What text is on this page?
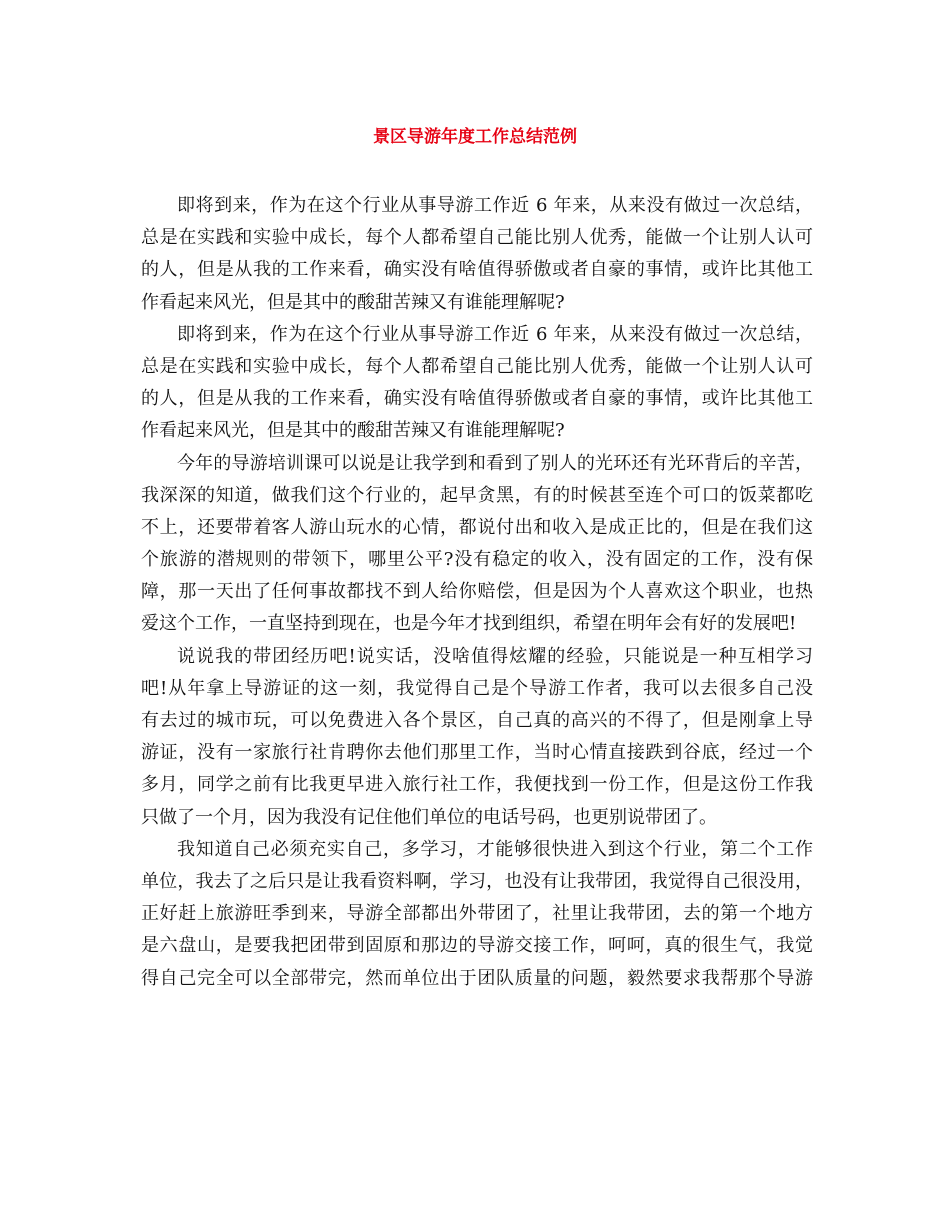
景区导游年度工作总结范例
即将到来，作为在这个行业从事导游工作近 6 年来，从来没有做过一次总结，
总是在实践和实验中成长，每个人都希望自己能比别人优秀，能做一个让别人认可
的人，但是从我的工作来看，确实没有啥值得骄傲或者自豪的事情，或许比其他工
作看起来风光，但是其中的酸甜苦辣又有谁能理解呢?
即将到来，作为在这个行业从事导游工作近 6 年来，从来没有做过一次总结，
总是在实践和实验中成长，每个人都希望自己能比别人优秀，能做一个让别人认可
的人，但是从我的工作来看，确实没有啥值得骄傲或者自豪的事情，或许比其他工
作看起来风光，但是其中的酸甜苦辣又有谁能理解呢?
今年的导游培训课可以说是让我学到和看到了别人的光环还有光环背后的辛苦，
我深深的知道，做我们这个行业的，起早贪黑，有的时候甚至连个可口的饭菜都吃
不上，还要带着客人游山玩水的心情，都说付出和收入是成正比的，但是在我们这
个旅游的潜规则的带领下，哪里公平?没有稳定的收入，没有固定的工作，没有保
障，那一天出了任何事故都找不到人给你赔偿，但是因为个人喜欢这个职业，也热
爱这个工作，一直坚持到现在，也是今年才找到组织，希望在明年会有好的发展吧!
说说我的带团经历吧!说实话，没啥值得炫耀的经验，只能说是一种互相学习
吧!从年拿上导游证的这一刻，我觉得自己是个导游工作者，我可以去很多自己没
有去过的城市玩，可以免费进入各个景区，自己真的高兴的不得了，但是刚拿上导
游证，没有一家旅行社肯聘你去他们那里工作，当时心情直接跌到谷底，经过一个
多月，同学之前有比我更早进入旅行社工作，我便找到一份工作，但是这份工作我
只做了一个月，因为我没有记住他们单位的电话号码，也更别说带团了。
我知道自己必须充实自己，多学习，才能够很快进入到这个行业，第二个工作
单位，我去了之后只是让我看资料啊，学习，也没有让我带团，我觉得自己很没用，
正好赶上旅游旺季到来，导游全部都出外带团了，社里让我带团，去的第一个地方
是六盘山，是要我把团带到固原和那边的导游交接工作，呵呵，真的很生气，我觉
得自己完全可以全部带完，然而单位出于团队质量的问题，毅然要求我帮那个导游
